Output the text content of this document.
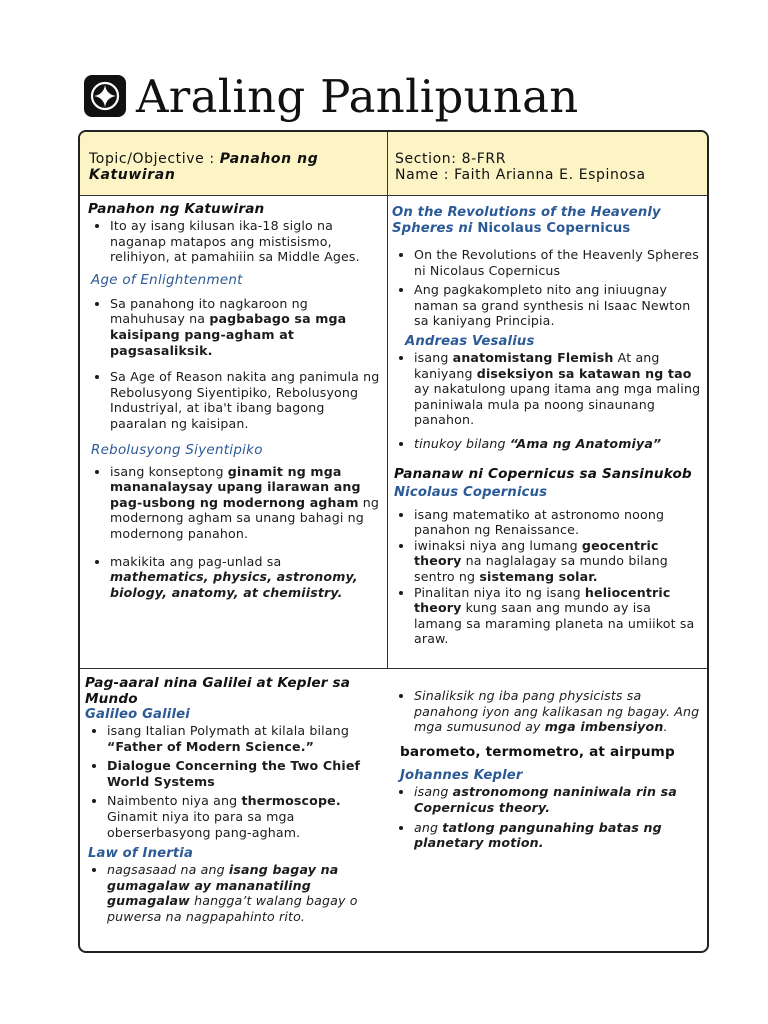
Araling Panlipunan
Topic/Objective : Panahon ng Katuwiran
Section: 8-FRR
Name : Faith Arianna E. Espinosa
Panahon ng Katuwiran
• Ito ay isang kilusan ika-18 siglo na naganap matapos ang mistisismo, relihiyon, at pamahiiin sa Middle Ages.
Age of Enlightenment
• Sa panahong ito nagkaroon ng mahuhusay na pagbabago sa mga kaisipang pang-agham at pagsasaliksik.
• Sa Age of Reason nakita ang panimula ng Rebolusyong Siyentipiko, Rebolusyong Industriyal, at iba't ibang bagong paaralan ng kaisipan.
Rebolusyong Siyentipiko
• isang konseptong ginamit ng mga mananalaysay upang ilarawan ang pag-usbong ng modernong agham ng modernong agham sa unang bahagi ng modernong panahon.
• makikita ang pag-unlad sa mathematics, physics, astronomy, biology, anatomy, at chemiistry.
On the Revolutions of the Heavenly Spheres ni Nicolaus Copernicus
• On the Revolutions of the Heavenly Spheres ni Nicolaus Copernicus
• Ang pagkakompleto nito ang iniuugnay naman sa grand synthesis ni Isaac Newton sa kaniyang Principia.
Andreas Vesalius
• isang anatomistang Flemish At ang kaniyang diseksiyon sa katawan ng tao ay nakatulong upang itama ang mga maling paniniwala mula pa noong sinaunang panahon.
• tinukoy bilang “Ama ng Anatomiya”
Pananaw ni Copernicus sa Sansinukob
Nicolaus Copernicus
• isang matematiko at astronomo noong panahon ng Renaissance.
• iwinaksi niya ang lumang geocentric theory na naglalagay sa mundo bilang sentro ng sistemang solar.
• Pinalitan niya ito ng isang heliocentric theory kung saan ang mundo ay isa lamang sa maraming planeta na umiikot sa araw.
Pag-aaral nina Galilei at Kepler sa Mundo
Galileo Galilei
• isang Italian Polymath at kilala bilang “Father of Modern Science.”
• Dialogue Concerning the Two Chief World Systems
• Naimbento niya ang thermoscope. Ginamit niya ito para sa mga oberserbasyong pang-agham.
Law of Inertia
• nagsasaad na ang isang bagay na gumagalaw ay mananatiling gumagalaw hangga’t walang bagay o puwersa na nagpapahinto rito.
• Sinaliksik ng iba pang physicists sa panahong iyon ang kalikasan ng bagay. Ang mga sumusunod ay mga imbensiyon.
barometo, termometro, at airpump
Johannes Kepler
• isang astronomong naniniwala rin sa Copernicus theory.
• ang tatlong pangunahing batas ng planetary motion.
